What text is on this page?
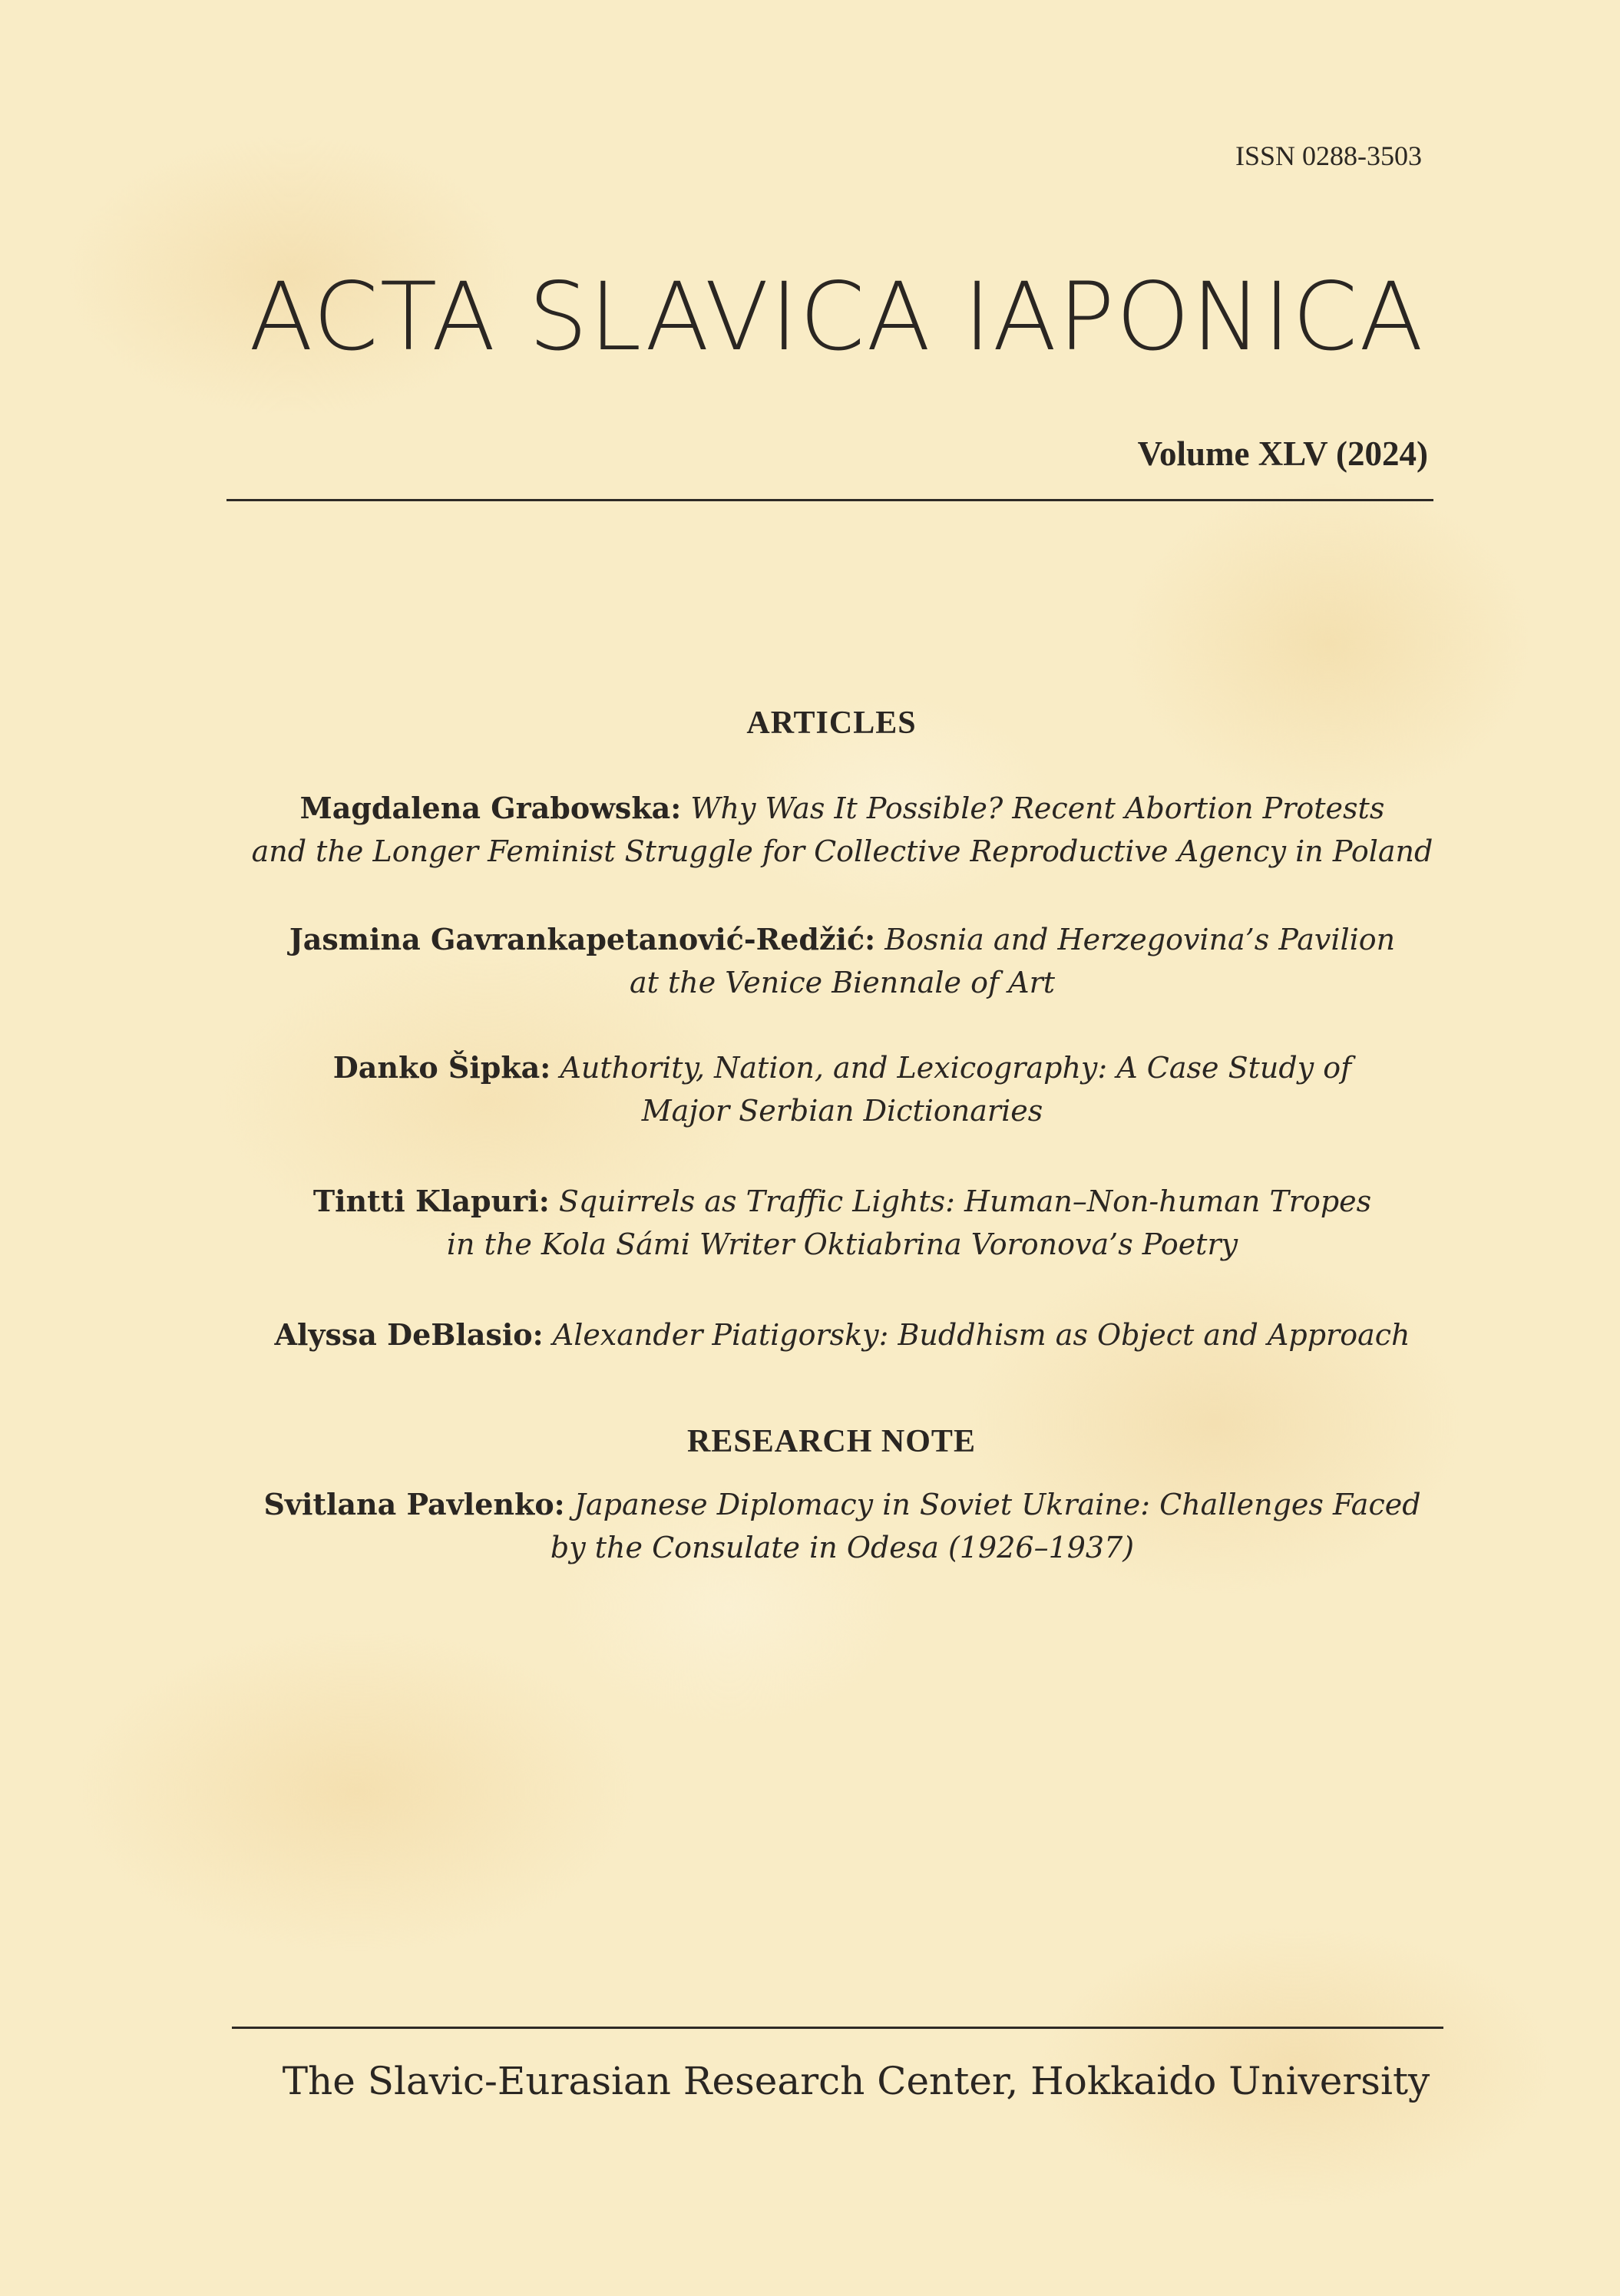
ISSN 0288-3503
ACTA SLAVICA IAPONICA
Volume XLV (2024)
ARTICLES
Magdalena Grabowska: Why Was It Possible? Recent Abortion Protests
and the Longer Feminist Struggle for Collective Reproductive Agency in Poland
Jasmina Gavrankapetanović-Redžić: Bosnia and Herzegovina’s Pavilion
at the Venice Biennale of Art
Danko Šipka: Authority, Nation, and Lexicography: A Case Study of
Major Serbian Dictionaries
Tintti Klapuri: Squirrels as Traffic Lights: Human–Non-human Tropes
in the Kola Sámi Writer Oktiabrina Voronova’s Poetry
Alyssa DeBlasio: Alexander Piatigorsky: Buddhism as Object and Approach
RESEARCH NOTE
Svitlana Pavlenko: Japanese Diplomacy in Soviet Ukraine: Challenges Faced
by the Consulate in Odesa (1926–1937)
The Slavic-Eurasian Research Center, Hokkaido University
